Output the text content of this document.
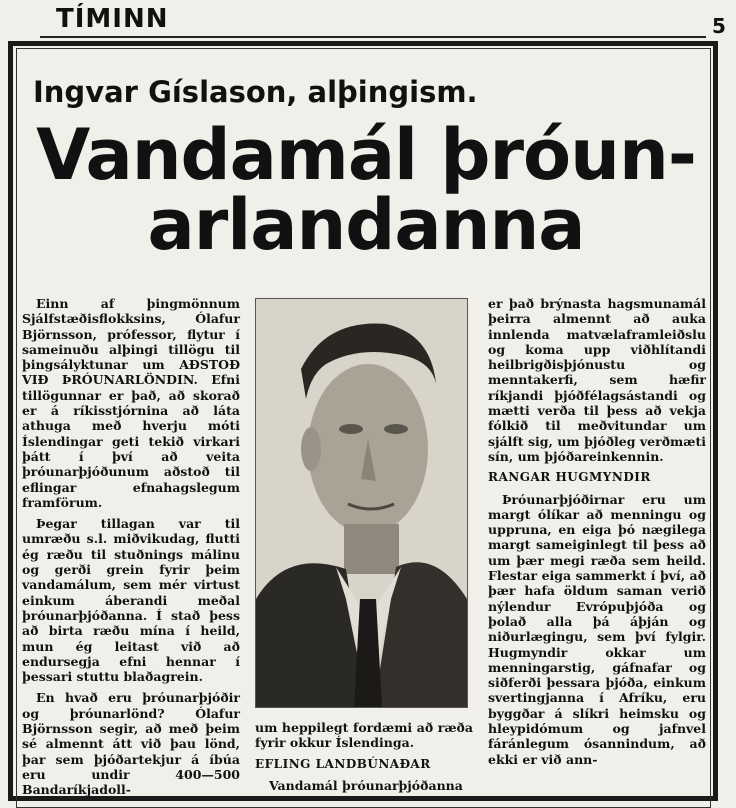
TÍMINN	5
Ingvar Gíslason, alþingism.
Vandamál þróun-
arlandanna

Einn af þingmönnum Sjálfstæðisflokksins, Ólafur Björnsson, prófessor, flytur í sameinuðu alþingi tillögu til þingsályktunar um AÐSTOÐ VIÐ ÞRÓUNARLÖNDIN. Efni tillögunnar er það, að skorað er á ríkisstjórnina að láta athuga með hverju móti Íslendingar geti tekið virkari þátt í því að veita þróunarþjóðunum aðstoð til eflingar efnahagslegum framförum.

Þegar tillagan var til umræðu s.l. miðvikudag, flutti ég ræðu til stuðnings málinu og gerði grein fyrir þeim vandamálum, sem mér virtust einkum áberandi meðal þróunarþjóðanna. Í stað þess að birta ræðu mína í heild, mun ég leitast við að endursegja efni hennar í þessari stuttu blaðagrein.

En hvað eru þróunarþjóðir og þróunarlönd? Ólafur Björnsson segir, að með þeim sé almennt átt við þau lönd, þar sem þjóðartekjur á íbúa eru undir 400—500 Bandaríkjadoll-

um heppilegt fordæmi að ræða fyrir okkur Íslendinga.

EFLING LANDBÚNAÐAR

Vandamál þróunarþjóðanna

er það brýnasta hagsmunamál þeirra almennt að auka innlenda matvælaframleiðslu og koma upp viðhlítandi heilbrigðisþjónustu og menntakerfi, sem hæfir ríkjandi þjóðfélagsástandi og mætti verða til þess að vekja fólkið til meðvitundar um sjálft sig, um þjóðleg verðmæti sín, um þjóðareinkennin.

RANGAR HUGMYNDIR

Þróunarþjóðirnar eru um margt ólíkar að menningu og uppruna, en eiga þó nægilega margt sameiginlegt til þess að um þær megi ræða sem heild. Flestar eiga sammerkt í því, að þær hafa öldum saman verið nýlendur Evrópuþjóða og þolað alla þá áþján og niðurlægingu, sem því fylgir. Hugmyndir okkar um menningarstig, gáfnafar og siðferði þessara þjóða, einkum svertingjanna í Afríku, eru byggðar á slíkri heimsku og hleypidómum og jafnvel fáránlegum ósannindum, að ekki er við ann-
